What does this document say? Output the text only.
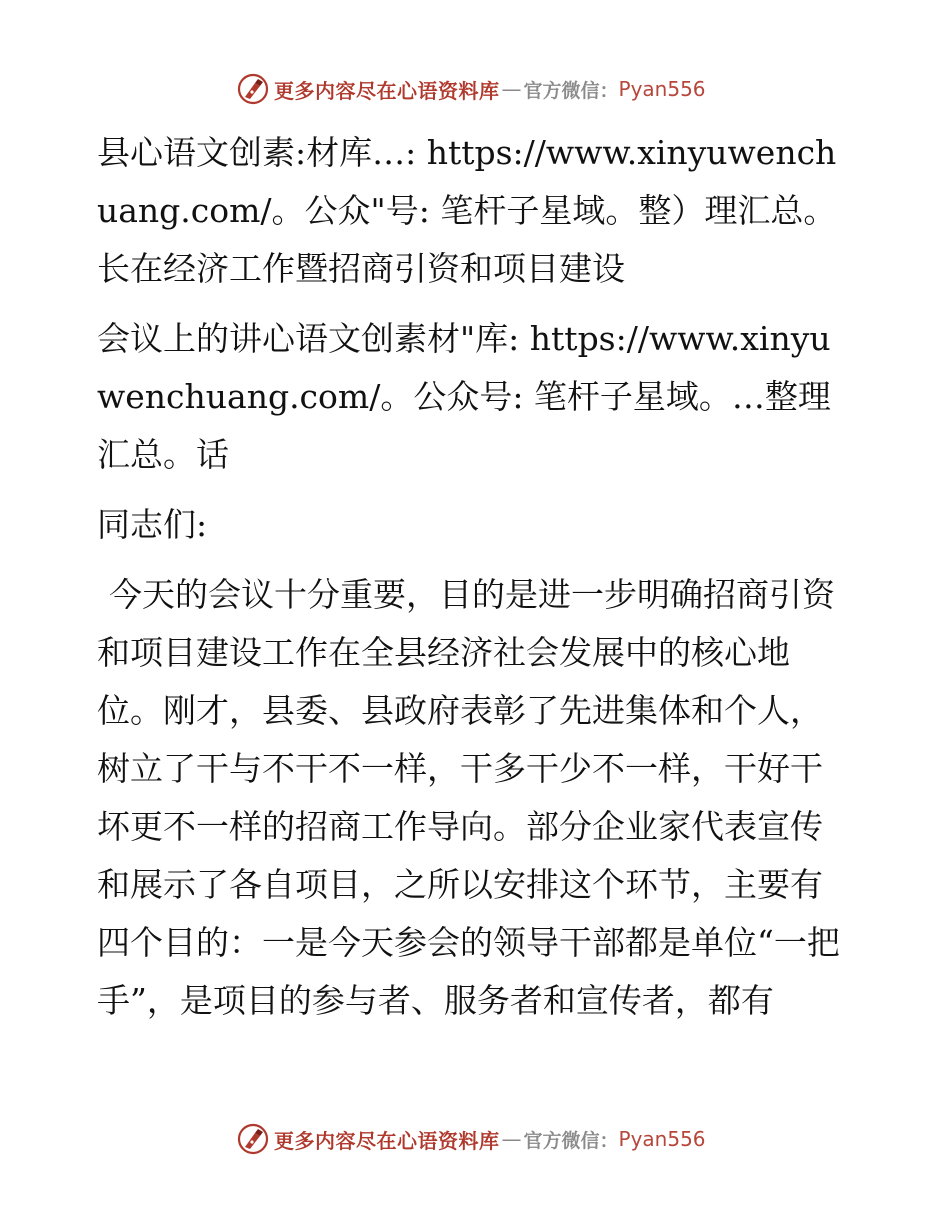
更多内容尽在心语资料库 — 官方微信： Pyan556

县心语文创素:材库…: https://www.xinyuwenchuang.com/。公众"号: 笔杆子星域。整）理汇总。长在经济工作暨招商引资和项目建设

会议上的讲心语文创素材"库: https://www.xinyuwenchuang.com/。公众号: 笔杆子星域。…整理汇总。话

同志们:

今天的会议十分重要，目的是进一步明确招商引资和项目建设工作在全县经济社会发展中的核心地位。刚才，县委、县政府表彰了先进集体和个人，树立了干与不干不一样，干多干少不一样，干好干坏更不一样的招商工作导向。部分企业家代表宣传和展示了各自项目，之所以安排这个环节，主要有四个目的：一是今天参会的领导干部都是单位“一把手”，是项目的参与者、服务者和宣传者，都有

更多内容尽在心语资料库 — 官方微信： Pyan556
